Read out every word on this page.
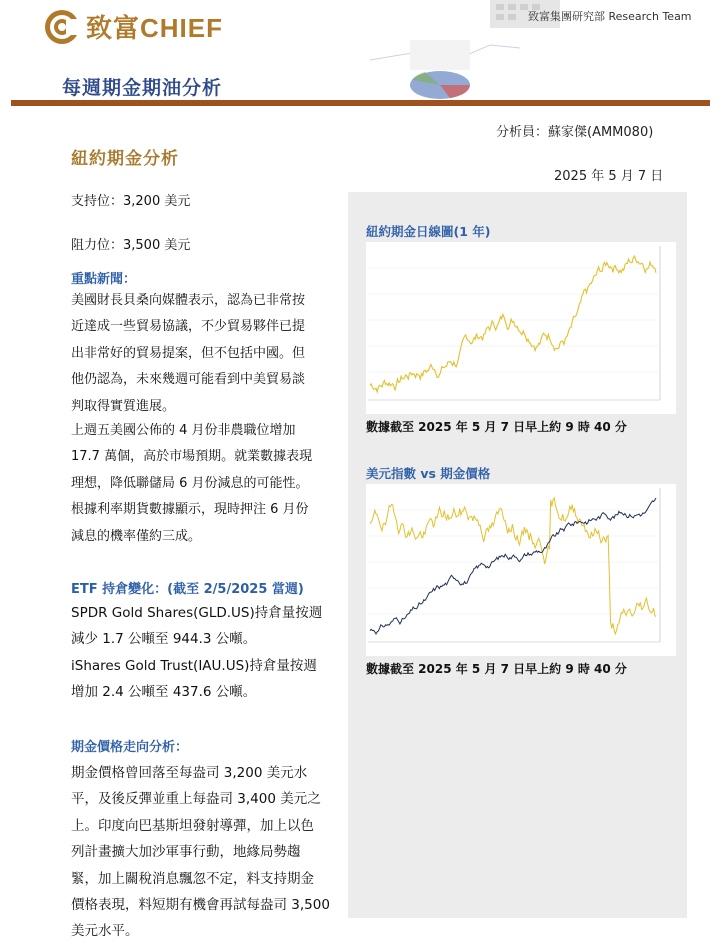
致富CHIEF	致富集團研究部 Research Team
每週期金期油分析
分析員：蘇家傑(AMM080)
紐約期金分析
2025 年 5 月 7 日
支持位：3,200 美元
阻力位：3,500 美元
重點新聞：
美國財長貝桑向媒體表示，認為已非常按
近達成一些貿易協議，不少貿易夥伴已提
出非常好的貿易提案，但不包括中國。但
他仍認為，未來幾週可能看到中美貿易談
判取得實質進展。
上週五美國公佈的 4 月份非農職位增加
17.7 萬個，高於市場預期。就業數據表現
理想，降低聯儲局 6 月份減息的可能性。
根據利率期貨數據顯示，現時押注 6 月份
減息的機率僅約三成。
ETF 持倉變化：(截至 2/5/2025 當週)
SPDR Gold Shares(GLD.US)持倉量按週
減少 1.7 公噸至 944.3 公噸。
iShares Gold Trust(IAU.US)持倉量按週
增加 2.4 公噸至 437.6 公噸。
期金價格走向分析：
期金價格曾回落至每盎司 3,200 美元水
平，及後反彈並重上每盎司 3,400 美元之
上。印度向巴基斯坦發射導彈，加上以色
列計畫擴大加沙軍事行動，地緣局勢趨
緊，加上關稅消息飄忽不定，料支持期金
價格表現，料短期有機會再試每盎司 3,500
美元水平。
紐約期金日線圖(1 年)
數據截至 2025 年 5 月 7 日早上約 9 時 40 分
美元指數 vs 期金價格
數據截至 2025 年 5 月 7 日早上約 9 時 40 分
